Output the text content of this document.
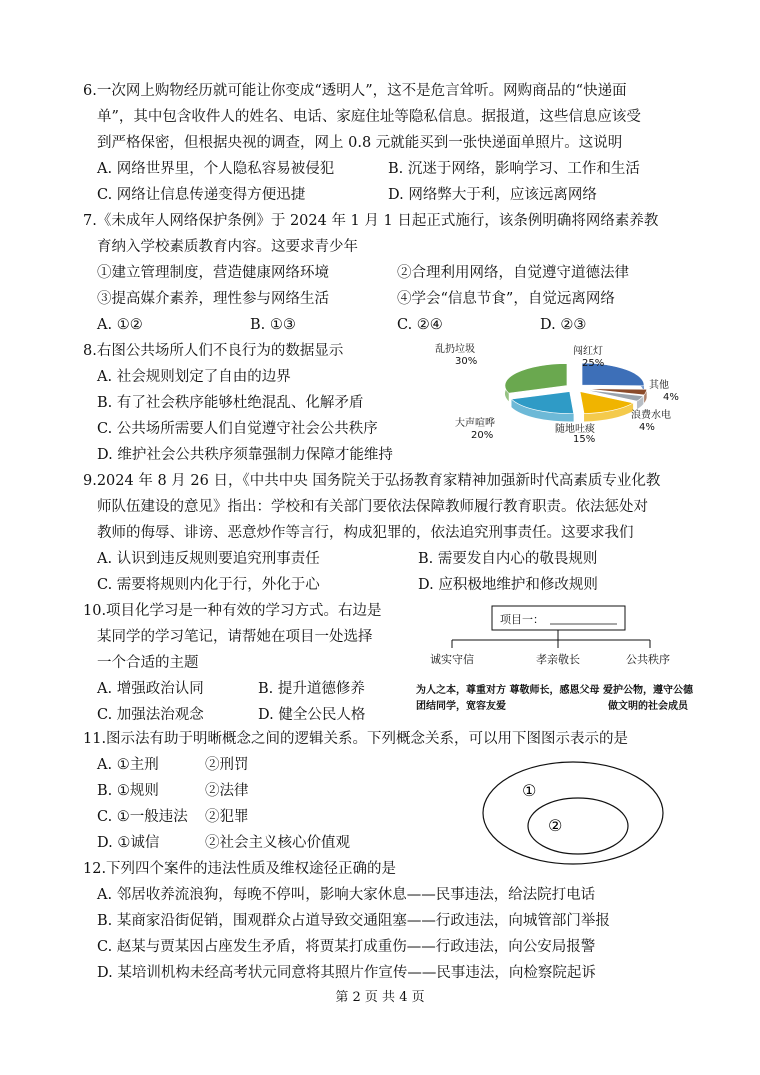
6.一次网上购物经历就可能让你变成“透明人”，这不是危言耸听。网购商品的“快递面
单”，其中包含收件人的姓名、电话、家庭住址等隐私信息。据报道，这些信息应该受
到严格保密，但根据央视的调查，网上 0.8 元就能买到一张快递面单照片。这说明
A. 网络世界里，个人隐私容易被侵犯	B. 沉迷于网络，影响学习、工作和生活
C. 网络让信息传递变得方便迅捷	D. 网络弊大于利，应该远离网络
7.《未成年人网络保护条例》于 2024 年 1 月 1 日起正式施行，该条例明确将网络素养教
育纳入学校素质教育内容。这要求青少年
①建立管理制度，营造健康网络环境	②合理利用网络，自觉遵守道德法律
③提高媒介素养，理性参与网络生活	④学会“信息节食”，自觉远离网络
A. ①②	B. ①③	C. ②④	D. ②③
8.右图公共场所人们不良行为的数据显示
A. 社会规则划定了自由的边界
B. 有了社会秩序能够杜绝混乱、化解矛盾
C. 公共场所需要人们自觉遵守社会公共秩序
D. 维护社会公共秩序须靠强制力保障才能维持
闯红灯
25%
其他
4%
浪费水电
4%
随地吐痰
15%
大声喧哗
20%
乱扔垃圾
30%
9.2024 年 8 月 26 日，《中共中央 国务院关于弘扬教育家精神加强新时代高素质专业化教
师队伍建设的意见》指出：学校和有关部门要依法保障教师履行教育职责。依法惩处对
教师的侮辱、诽谤、恶意炒作等言行，构成犯罪的，依法追究刑事责任。这要求我们
A. 认识到违反规则要追究刑事责任	B. 需要发自内心的敬畏规则
C. 需要将规则内化于行，外化于心	D. 应积极地维护和修改规则
10.项目化学习是一种有效的学习方式。右边是
某同学的学习笔记，请帮她在项目一处选择
一个合适的主题
A. 增强政治认同	B. 提升道德修养
C. 加强法治观念	D. 健全公民人格
项目一：
诚实守信	孝亲敬长	公共秩序
为人之本，尊重对方 尊敬师长，感恩父母 爱护公物，遵守公德
团结同学，宽容友爱	做文明的社会成员
11.图示法有助于明晰概念之间的逻辑关系。下列概念关系，可以用下图图示表示的是
A. ①主刑	②刑罚
B. ①规则	②法律
C. ①一般违法 ②犯罪
D. ①诚信	②社会主义核心价值观
①
②
12.下列四个案件的违法性质及维权途径正确的是
A. 邻居收养流浪狗，每晚不停叫，影响大家休息——民事违法，给法院打电话
B. 某商家沿街促销，围观群众占道导致交通阻塞——行政违法，向城管部门举报
C. 赵某与贾某因占座发生矛盾，将贾某打成重伤——行政违法，向公安局报警
D. 某培训机构未经高考状元同意将其照片作宣传——民事违法，向检察院起诉
第 2 页 共 4 页
